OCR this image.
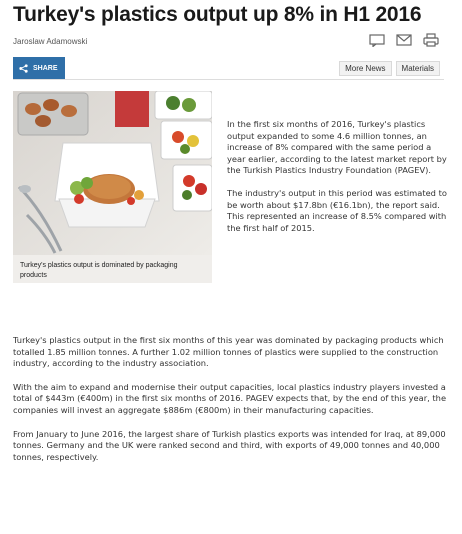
Turkey's plastics output up 8% in H1 2016
Jaroslaw Adamowski
SHARE	More News	Materials
Turkey's plastics output is dominated by packaging products

In the first six months of 2016, Turkey's plastics output expanded to some 4.6 million tonnes, an increase of 8% compared with the same period a year earlier, according to the latest market report by the Turkish Plastics Industry Foundation (PAGEV).

The industry's output in this period was estimated to be worth about $17.8bn (€16.1bn), the report said. This represented an increase of 8.5% compared with the first half of 2015.

Turkey's plastics output in the first six months of this year was dominated by packaging products which totalled 1.85 million tonnes. A further 1.02 million tonnes of plastics were supplied to the construction industry, according to the industry association.

With the aim to expand and modernise their output capacities, local plastics industry players invested a total of $443m (€400m) in the first six months of 2016. PAGEV expects that, by the end of this year, the companies will invest an aggregate $886m (€800m) in their manufacturing capacities.

From January to June 2016, the largest share of Turkish plastics exports was intended for Iraq, at 89,000 tonnes. Germany and the UK were ranked second and third, with exports of 49,000 tonnes and 40,000 tonnes, respectively.
